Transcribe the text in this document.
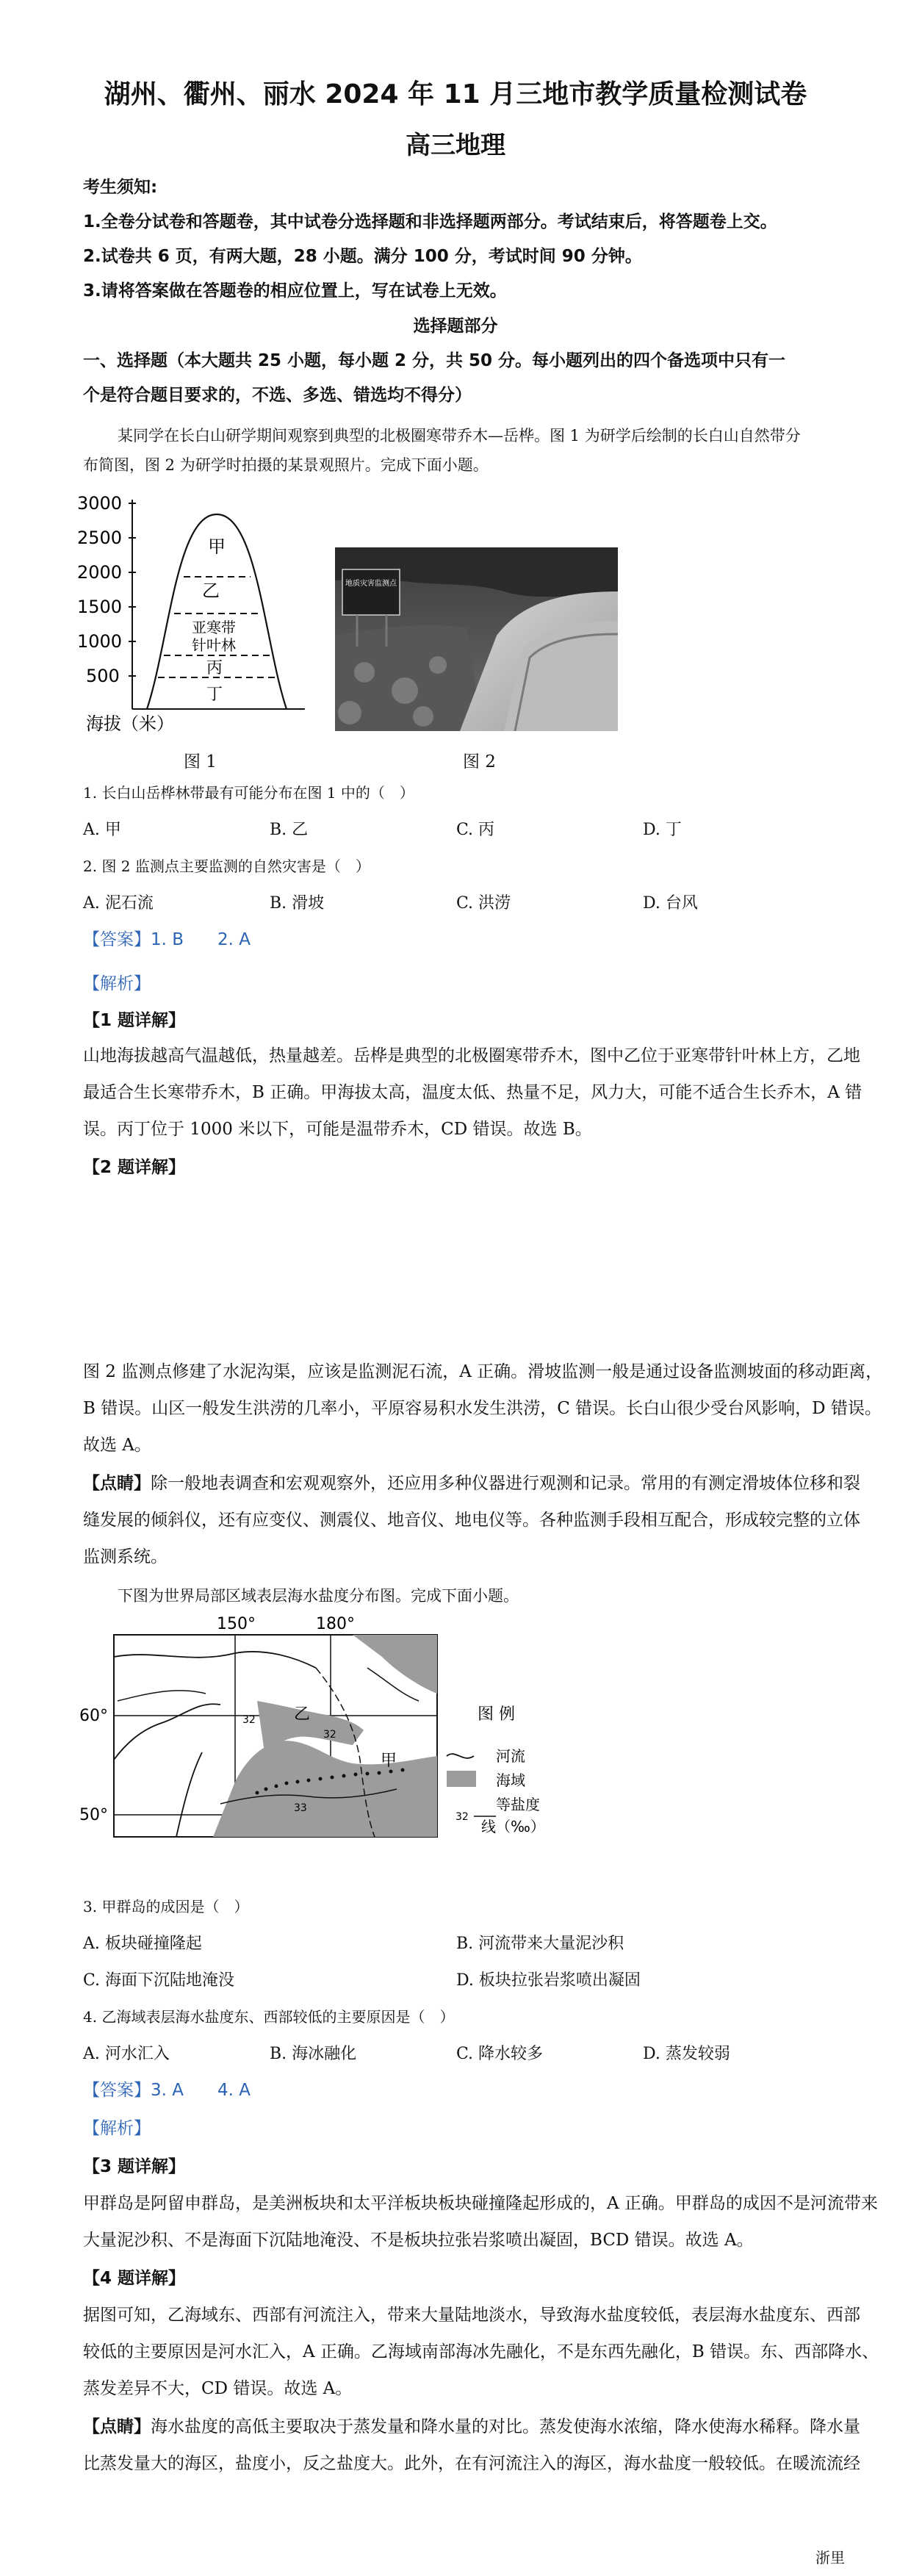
湖州、衢州、丽水 2024 年 11 月三地市教学质量检测试卷
高三地理
考生须知:
1.全卷分试卷和答题卷，其中试卷分选择题和非选择题两部分。考试结束后，将答题卷上交。
2.试卷共 6 页，有两大题，28 小题。满分 100 分，考试时间 90 分钟。
3.请将答案做在答题卷的相应位置上，写在试卷上无效。
选择题部分
一、选择题（本大题共 25 小题，每小题 2 分，共 50 分。每小题列出的四个备选项中只有一
个是符合题目要求的，不选、多选、错选均不得分）
某同学在长白山研学期间观察到典型的北极圈寒带乔木—岳桦。图 1 为研学后绘制的长白山自然带分
布简图，图 2 为研学时拍摄的某景观照片。完成下面小题。
3000
2500
2000
1500
1000
500
甲
乙
亚寒带
针叶林
丙
丁
海拔（米）
地质灾害监测点
图 1	图 2
1. 长白山岳桦林带最有可能分布在图 1 中的（　）
A. 甲	B. 乙	C. 丙	D. 丁
2. 图 2 监测点主要监测的自然灾害是（　）
A. 泥石流	B. 滑坡	C. 洪涝	D. 台风
【答案】1. B　　2. A
【解析】
【1 题详解】
山地海拔越高气温越低，热量越差。岳桦是典型的北极圈寒带乔木，图中乙位于亚寒带针叶林上方，乙地
最适合生长寒带乔木，B 正确。甲海拔太高，温度太低、热量不足，风力大，可能不适合生长乔木，A 错
误。丙丁位于 1000 米以下，可能是温带乔木，CD 错误。故选 B。
【2 题详解】
图 2 监测点修建了水泥沟渠，应该是监测泥石流，A 正确。滑坡监测一般是通过设备监测坡面的移动距离，
B 错误。山区一般发生洪涝的几率小，平原容易积水发生洪涝，C 错误。长白山很少受台风影响，D 错误。
故选 A。
【点睛】除一般地表调查和宏观观察外，还应用多种仪器进行观测和记录。常用的有测定滑坡体位移和裂
缝发展的倾斜仪，还有应变仪、测震仪、地音仪、地电仪等。各种监测手段相互配合，形成较完整的立体
监测系统。
下图为世界局部区域表层海水盐度分布图。完成下面小题。
150°	180°
60°
50°
甲
乙
32
32
33
图 例
河流
海域
32
等盐度
线（‰）
3. 甲群岛的成因是（　）
A. 板块碰撞隆起	B. 河流带来大量泥沙积
C. 海面下沉陆地淹没	D. 板块拉张岩浆喷出凝固
4. 乙海域表层海水盐度东、西部较低的主要原因是（　）
A. 河水汇入	B. 海冰融化	C. 降水较多	D. 蒸发较弱
【答案】3. A　　4. A
【解析】
【3 题详解】
甲群岛是阿留申群岛，是美洲板块和太平洋板块板块碰撞隆起形成的，A 正确。甲群岛的成因不是河流带来
大量泥沙积、不是海面下沉陆地淹没、不是板块拉张岩浆喷出凝固，BCD 错误。故选 A。
【4 题详解】
据图可知，乙海域东、西部有河流注入，带来大量陆地淡水，导致海水盐度较低，表层海水盐度东、西部
较低的主要原因是河水汇入，A 正确。乙海域南部海冰先融化，不是东西先融化，B 错误。东、西部降水、
蒸发差异不大，CD 错误。故选 A。
【点睛】海水盐度的高低主要取决于蒸发量和降水量的对比。蒸发使海水浓缩，降水使海水稀释。降水量
比蒸发量大的海区，盐度小，反之盐度大。此外，在有河流注入的海区，海水盐度一般较低。在暖流流经
浙里
